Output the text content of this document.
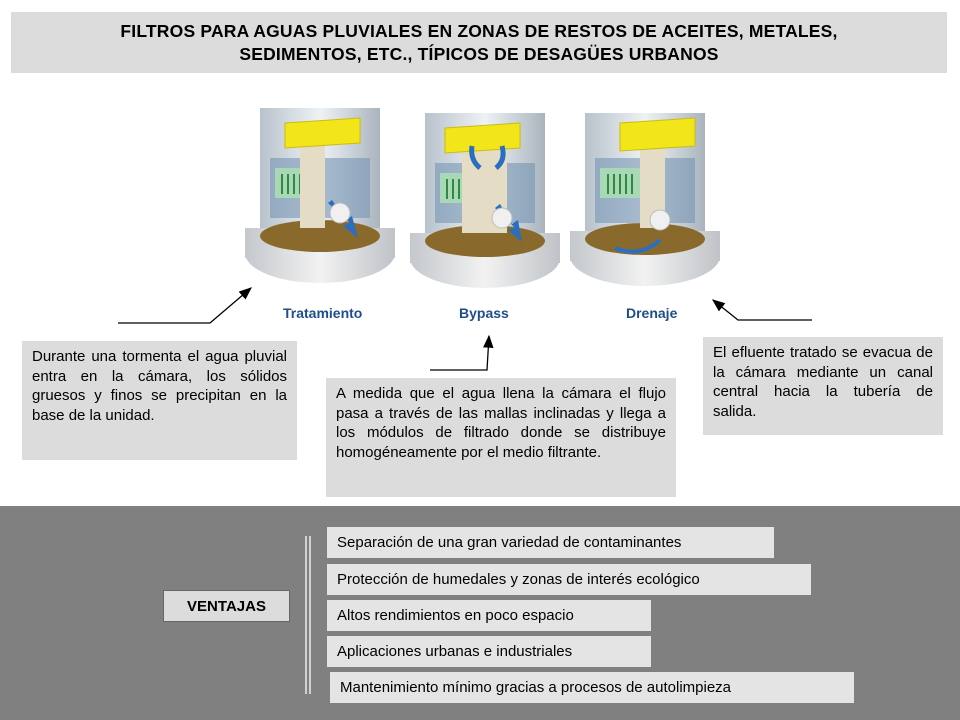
FILTROS PARA AGUAS PLUVIALES EN ZONAS DE RESTOS DE ACEITES, METALES,
SEDIMENTOS, ETC., TÍPICOS DE DESAGÜES URBANOS
Tratamiento	Bypass	Drenaje
Durante una tormenta el agua pluvial entra en la cámara, los sólidos gruesos y finos se precipitan en la base de la unidad.
A medida que el agua llena la cámara el flujo pasa a través de las mallas inclinadas y llega a los módulos de filtrado donde se distribuye homogéneamente por el medio filtrante.
El efluente tratado se evacua de la cámara mediante un canal central hacia la tubería de salida.
VENTAJAS
Separación de una gran variedad de contaminantes
Protección de humedales y zonas de interés ecológico
Altos rendimientos en poco espacio
Aplicaciones urbanas e industriales
Mantenimiento mínimo gracias a procesos de autolimpieza
